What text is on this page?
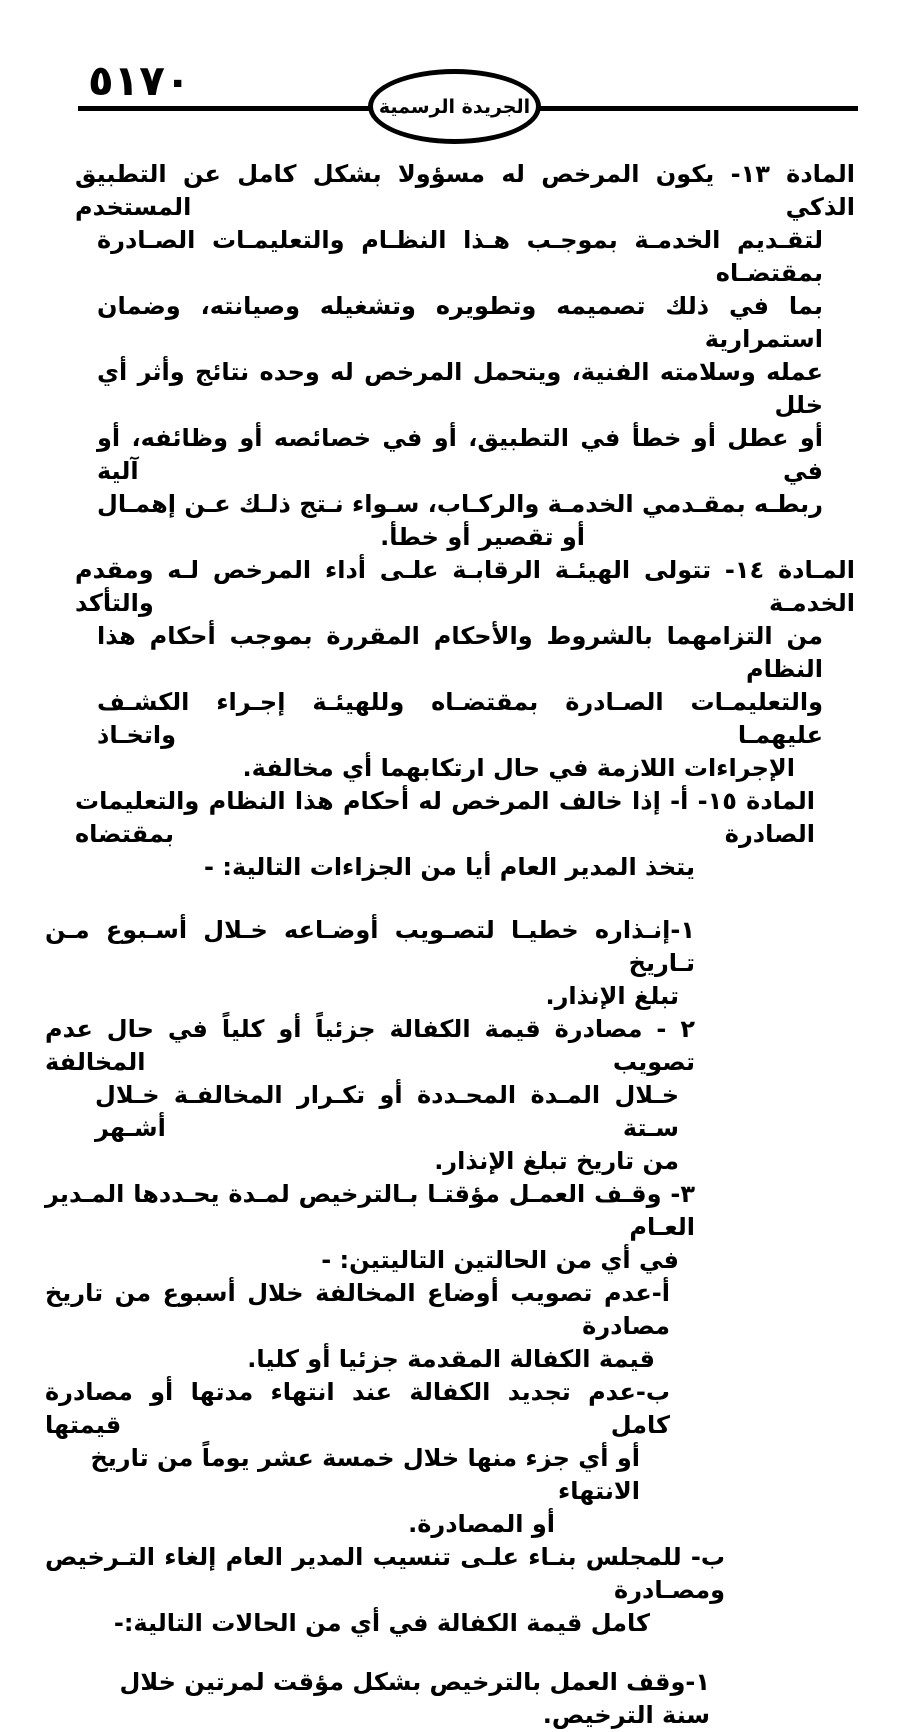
٥١٧٠
الجريدة الرسمية
المادة ١٣- يكون المرخص له مسؤولا بشكل كامل عن التطبيق الذكي المستخدم
لتقـديم الخدمـة بموجـب هـذا النظـام والتعليمـات الصـادرة بمقتضـاه
بما في ذلك تصميمه وتطويره وتشغيله وصيانته، وضمان استمرارية
عمله وسلامته الفنية، ويتحمل المرخص له وحده نتائج وأثر أي خلل
أو عطل أو خطأ في التطبيق، أو في خصائصه أو وظائفه، أو في آلية
ربطـه بمقـدمي الخدمـة والركـاب، سـواء نـتج ذلـك عـن إهمـال
أو تقصير أو خطأ.
المـادة ١٤- تتولى الهيئـة الرقابـة علـى أداء المرخص لـه ومقدم الخدمـة والتأكد
من التزامهما بالشروط والأحكام المقررة بموجب أحكام هذا النظام
والتعليمـات الصـادرة بمقتضـاه وللهيئـة إجـراء الكشـف عليهمـا واتخـاذ
الإجراءات اللازمة في حال ارتكابهما أي مخالفة.
المادة ١٥- أ- إذا خالف المرخص له أحكام هذا النظام والتعليمات الصادرة بمقتضاه
يتخذ المدير العام أيا من الجزاءات التالية: -
١-إنـذاره خطيـا لتصـويب أوضـاعه خـلال أسـبوع مـن تـاريخ
تبلغ الإنذار.
٢ - مصادرة قيمة الكفالة جزئياً أو كلياً في حال عدم تصويب المخالفة
خـلال المـدة المحـددة أو تكـرار المخالفـة خـلال سـتة أشـهر
من تاريخ تبلغ الإنذار.
٣- وقـف العمـل مؤقتـا بـالترخيص لمـدة يحـددها المـدير العـام
في أي من الحالتين التاليتين: -
أ-عدم تصويب أوضاع المخالفة خلال أسبوع من تاريخ مصادرة
قيمة الكفالة المقدمة جزئيا أو كليا.
ب-عدم تجديد الكفالة عند انتهاء مدتها أو مصادرة كامل قيمتها
أو أي جزء منها خلال خمسة عشر يوماً من تاريخ الانتهاء
أو المصادرة.
ب- للمجلس بنـاء علـى تنسيب المدير العام إلغاء التـرخيص ومصـادرة
كامل قيمة الكفالة في أي من الحالات التالية:-
١-وقف العمل بالترخيص بشكل مؤقت لمرتين خلال سنة الترخيص.
